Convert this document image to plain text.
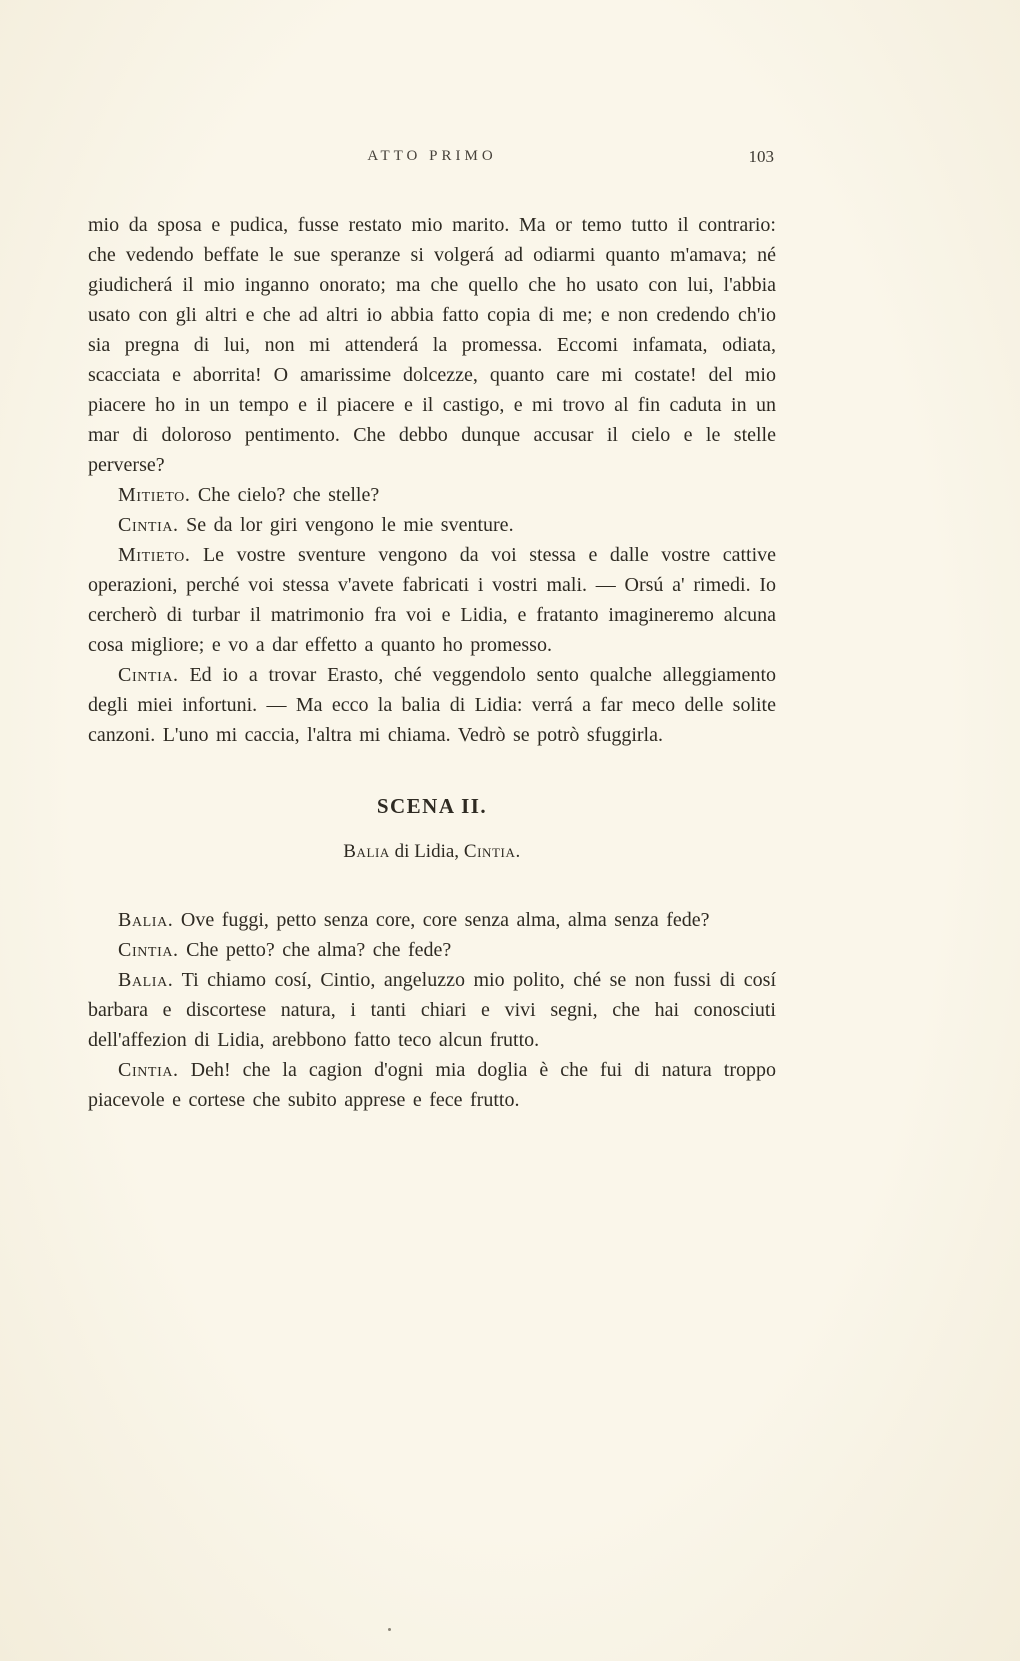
ATTO PRIMO	103

mio da sposa e pudica, fusse restato mio marito. Ma or temo tutto il contrario: che vedendo beffate le sue speranze si volgerá ad odiarmi quanto m'amava; né giudicherá il mio inganno onorato; ma che quello che ho usato con lui, l'abbia usato con gli altri e che ad altri io abbia fatto copia di me; e non credendo ch'io sia pregna di lui, non mi attenderá la promessa. Eccomi infamata, odiata, scacciata e aborrita! O amarissime dolcezze, quanto care mi costate! del mio piacere ho in un tempo e il piacere e il castigo, e mi trovo al fin caduta in un mar di doloroso pentimento. Che debbo dunque accusar il cielo e le stelle perverse?

Mitieto. Che cielo? che stelle?

Cintia. Se da lor giri vengono le mie sventure.

Mitieto. Le vostre sventure vengono da voi stessa e dalle vostre cattive operazioni, perché voi stessa v'avete fabricati i vostri mali. — Orsú a' rimedi. Io cercherò di turbar il matrimonio fra voi e Lidia, e fratanto imagineremo alcuna cosa migliore; e vo a dar effetto a quanto ho promesso.

Cintia. Ed io a trovar Erasto, ché veggendolo sento qualche alleggiamento degli miei infortuni. — Ma ecco la balia di Lidia: verrá a far meco delle solite canzoni. L'uno mi caccia, l'altra mi chiama. Vedrò se potrò sfuggirla.

SCENA II.
Balia di Lidia, Cintia.

Balia. Ove fuggi, petto senza core, core senza alma, alma senza fede?

Cintia. Che petto? che alma? che fede?

Balia. Ti chiamo cosí, Cintio, angeluzzo mio polito, ché se non fussi di cosí barbara e discortese natura, i tanti chiari e vivi segni, che hai conosciuti dell'affezion di Lidia, arebbono fatto teco alcun frutto.

Cintia. Deh! che la cagion d'ogni mia doglia è che fui di natura troppo piacevole e cortese che subito apprese e fece frutto.
